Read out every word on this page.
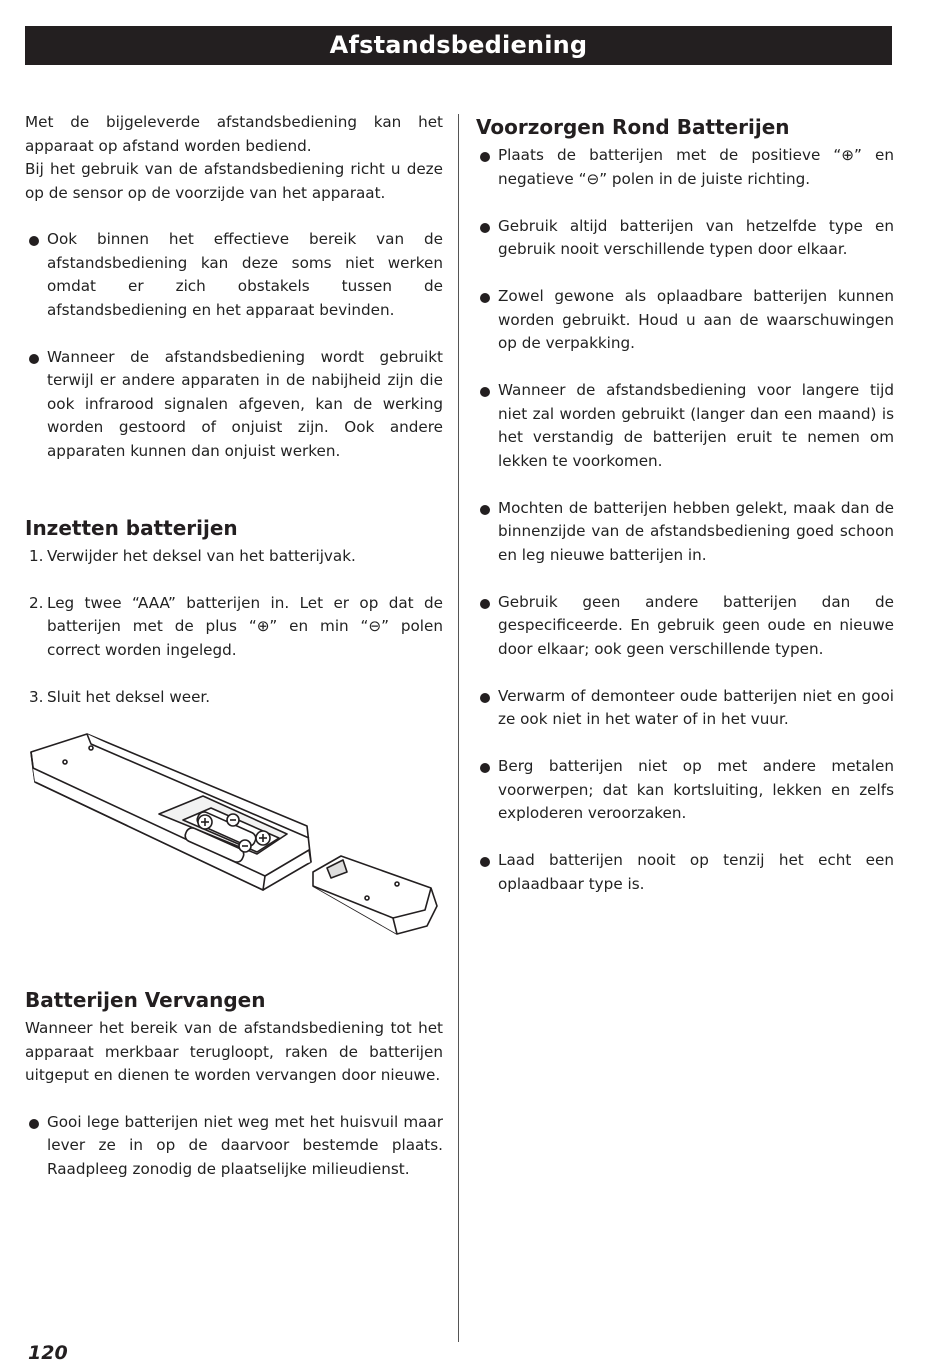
Afstandsbediening

Met de bijgeleverde afstandsbediening kan het apparaat op afstand worden bediend.

Bij het gebruik van de afstandsbediening richt u deze op de sensor op de voorzijde van het apparaat.

Ook binnen het effectieve bereik van de afstandsbediening kan deze soms niet werken omdat er zich obstakels tussen de afstandsbediening en het apparaat bevinden.
Wanneer de afstandsbediening wordt gebruikt terwijl er andere apparaten in de nabijheid zijn die ook infrarood signalen afgeven, kan de werking worden gestoord of onjuist zijn. Ook andere apparaten kunnen dan onjuist werken.
Inzetten batterijen
1. Verwijder het deksel van het batterijvak.
2. Leg twee “AAA” batterijen in. Let er op dat de batterijen met de plus “⊕” en min “⊖” polen correct worden ingelegd.
3. Sluit het deksel weer.
Batterijen Vervangen

Wanneer het bereik van de afstandsbediening tot het apparaat merkbaar terugloopt, raken de batterijen uitgeput en dienen te worden vervangen door nieuwe.

Gooi lege batterijen niet weg met het huisvuil maar lever ze in op de daarvoor bestemde plaats. Raadpleeg zonodig de plaatselijke milieudienst.
Voorzorgen Rond Batterijen
Plaats de batterijen met de positieve “⊕” en negatieve “⊖” polen in de juiste richting.
Gebruik altijd batterijen van hetzelfde type en gebruik nooit verschillende typen door elkaar.
Zowel gewone als oplaadbare batterijen kunnen worden gebruikt. Houd u aan de waarschuwingen op de verpakking.
Wanneer de afstandsbediening voor langere tijd niet zal worden gebruikt (langer dan een maand) is het verstandig de batterijen eruit te nemen om lekken te voorkomen.
Mochten de batterijen hebben gelekt, maak dan de binnenzijde van de afstandsbediening goed schoon en leg nieuwe batterijen in.
Gebruik geen andere batterijen dan de gespecificeerde. En gebruik geen oude en nieuwe door elkaar; ook geen verschillende typen.
Verwarm of demonteer oude batterijen niet en gooi ze ook niet in het water of in het vuur.
Berg batterijen niet op met andere metalen voorwerpen; dat kan kortsluiting, lekken en zelfs exploderen veroorzaken.
Laad batterijen nooit op tenzij het echt een oplaadbaar type is.
120
